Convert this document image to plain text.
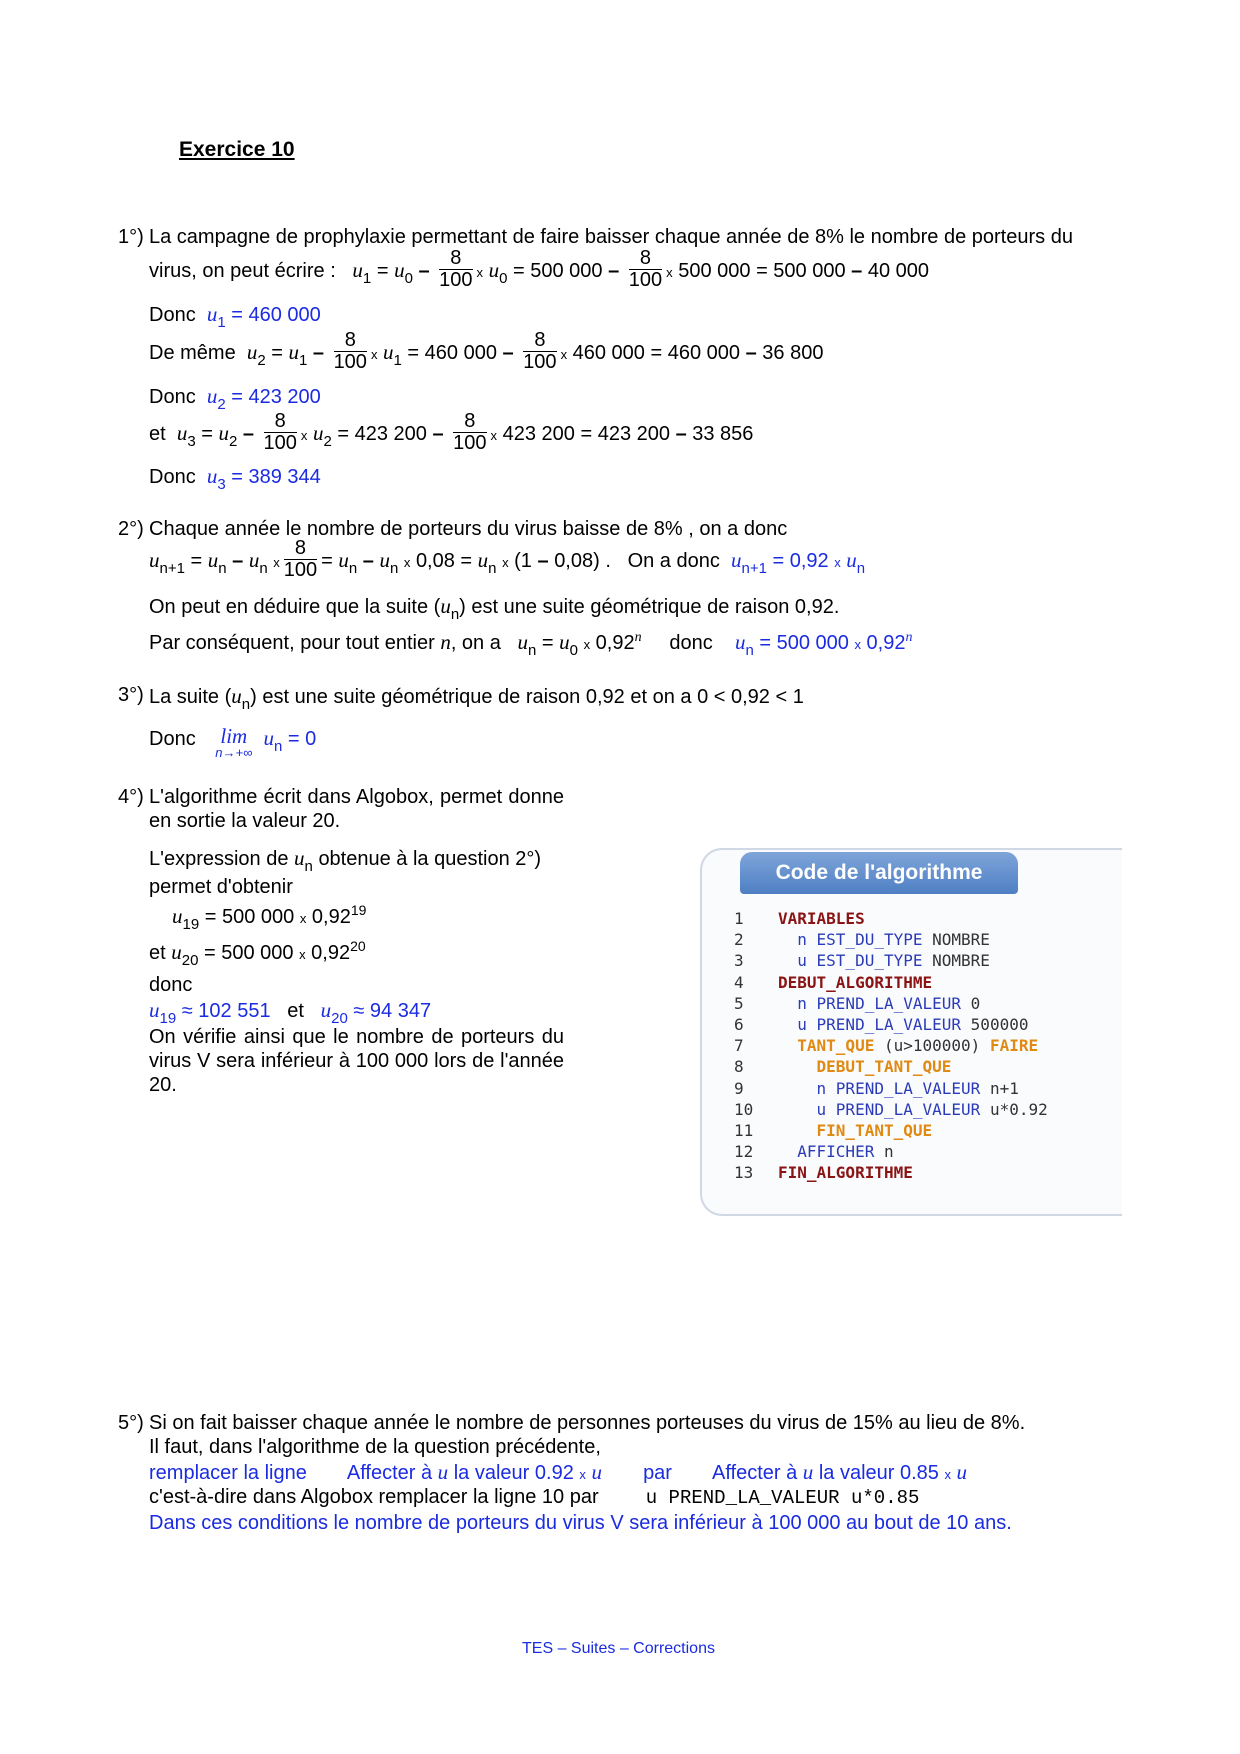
Exercice 10
1°) La campagne de prophylaxie permettant de faire baisser chaque année de 8% le nombre de porteurs du
virus, on peut écrire : $u_1 = u_0 - \frac{8}{100}$ x $u_0 = 500$ $000 - \frac{8}{100}$ x 500 000 = 500 000 – 40 000
Donc $u_1 = 460$ 000
De même $u_2 = u_1 - \frac{8}{100}$ x $u_1 = 460$ $000 - \frac{8}{100}$ x 460 000 = 460 000 – 36 800
Donc $u_2 = 423$ 200
et $u_3 = u_2 - \frac{8}{100}$ x $u_2 = 423$ $200 - \frac{8}{100}$ x 423 200 = 423 200 – 33 856
Donc $u_3 = 389$ 344
2°) Chaque année le nombre de porteurs du virus baisse de 8% , on a donc
$u_{n+1} = u_n - u_n$ x $\frac{8}{100} = u_n - u_n$ x $0,08 = u_n$ x (1 – 0,08) . On a donc $u_{n+1} = 0,92$ x $u_n$
On peut en déduire que la suite $(u_n)$ est une suite géométrique de raison 0,92.
Par conséquent, pour tout entier n, on a $u_n = u_0$ x 0,92$^n$ donc $u_n = 500$ 000 x 0,92$^n$
3°) La suite $(u_n)$ est une suite géométrique de raison 0,92 et on a 0 < 0,92 < 1
Donc lim
n→+∞
$u_n = 0$
4°) L'algorithme écrit dans Algobox, permet donne en sortie la valeur 20.
L'expression de $u_n$ obtenue à la question 2°)
permet d'obtenir
$u_{19} = 500$ 000 x 0,92$^{19}$
et $u_{20} = 500$ 000 x 0,92$^{20}$
donc
$u_{19} \approx 102$ 551 et $u_{20} \approx 94$ 347
On vérifie ainsi que le nombre de porteurs du virus V sera inférieur à 100 000 lors de l'année 20.
Code de l'algorithme
1 VARIABLES
2	n EST_DU_TYPE NOMBRE
3	u EST_DU_TYPE NOMBRE
4 DEBUT_ALGORITHME
5	n PREND_LA_VALEUR 0
6	u PREND_LA_VALEUR 500000
7	TANT_QUE (u>100000) FAIRE
8	DEBUT_TANT_QUE
9	n PREND_LA_VALEUR n+1
10	u PREND_LA_VALEUR u*0.92
11	FIN_TANT_QUE
12	AFFICHER n
13 FIN_ALGORITHME
5°) Si on fait baisser chaque année le nombre de personnes porteuses du virus de 15% au lieu de 8%.
Il faut, dans l'algorithme de la question précédente,
remplacer la ligne Affecter à u la valeur 0.92 x u par Affecter à u la valeur 0.85 x u
c'est-à-dire dans Algobox remplacer la ligne 10 par u PREND_LA_VALEUR u*0.85
Dans ces conditions le nombre de porteurs du virus V sera inférieur à 100 000 au bout de 10 ans.
TES – Suites – Corrections
